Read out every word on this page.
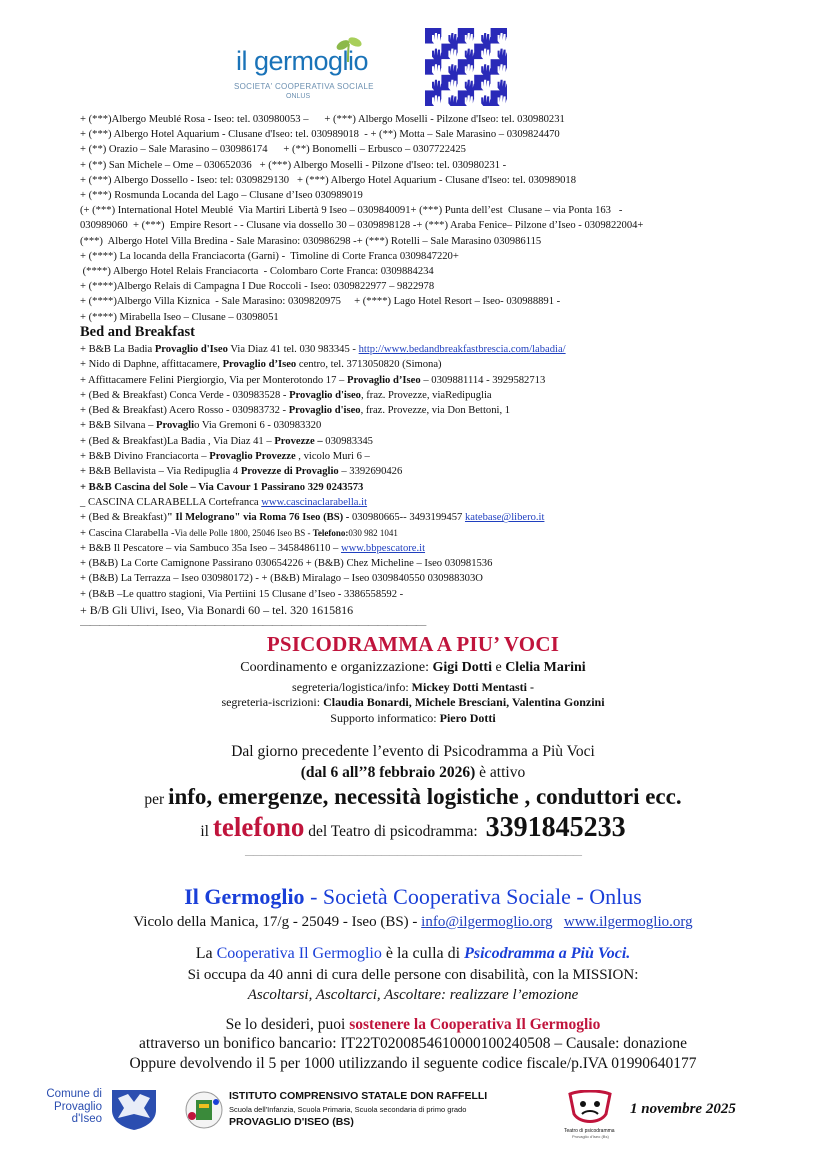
il germoglio
SOCIETA' COOPERATIVA SOCIALE
ONLUS
+ (***)Albergo Meublé Rosa - Iseo: tel. 030980053 –      + (***) Albergo Moselli - Pilzone d'Iseo: tel. 030980231
+ (***) Albergo Hotel Aquarium - Clusane d'Iseo: tel. 030989018  - + (**) Motta – Sale Marasino – 0309824470
+ (**) Orazio – Sale Marasino – 030986174      + (**) Bonomelli – Erbusco – 0307722425
+ (**) San Michele – Ome – 030652036   + (***) Albergo Moselli - Pilzone d'Iseo: tel. 030980231 -
+ (***) Albergo Dossello - Iseo: tel: 0309829130   + (***) Albergo Hotel Aquarium - Clusane d'Iseo: tel. 030989018
+ (***) Rosmunda Locanda del Lago – Clusane d’Iseo 030989019
(+ (***) International Hotel Meublé  Via Martiri Libertà 9 Iseo – 0309840091+ (***) Punta dell’est  Clusane – via Ponta 163   -
030989060  + (***)  Empire Resort - - Clusane via dossello 30 – 0309898128 -+ (***) Araba Fenice– Pilzone d’Iseo - 0309822004+
(***)  Albergo Hotel Villa Bredina - Sale Marasino: 030986298 -+ (***) Rotelli – Sale Marasino 030986115
+ (****) La locanda della Franciacorta (Garni) -  Timoline di Corte Franca 0309847220+
(****) Albergo Hotel Relais Franciacorta  - Colombaro Corte Franca: 0309884234
+ (****)Albergo Relais di Campagna I Due Roccoli - Iseo: 0309822977 – 9822978
+ (****)Albergo Villa Kiznica  - Sale Marasino: 0309820975     + (****) Lago Hotel Resort – Iseo- 030988891 -
+ (****) Mirabella Iseo – Clusane – 03098051
Bed and Breakfast
+ B&B La Badia Provaglio d'Iseo Via Diaz 41 tel. 030 983345 - http://www.bedandbreakfastbrescia.com/labadia/
+ Nido di Daphne, affittacamere, Provaglio d’Iseo centro, tel. 3713050820 (Simona)
+ Affittacamere Felini Piergiorgio, Via per Monterotondo 17 – Provaglio d’Iseo – 0309881114 - 3929582713
+ (Bed & Breakfast) Conca Verde - 030983528 - Provaglio d'iseo, fraz. Provezze, viaRedipuglia
+ (Bed & Breakfast) Acero Rosso - 030983732 - Provaglio d'iseo, fraz. Provezze, via Don Bettoni, 1
+ B&B Silvana – Provaglio Via Gremoni 6 - 030983320
+ (Bed & Breakfast)La Badia , Via Diaz 41 – Provezze – 030983345
+ B&B Divino Franciacorta – Provaglio Provezze , vicolo Muri 6 –
+ B&B Bellavista – Via Redipuglia 4 Provezze di Provaglio – 3392690426
+ B&B Cascina del Sole – Via Cavour 1 Passirano 329 0243573
_ CASCINA CLARABELLA Cortefranca www.cascinaclarabella.it
+ (Bed & Breakfast)" Il Melograno" via Roma 76 Iseo (BS) - 030980665-- 3493199457 katebase@libero.it
+ Cascina Clarabella -Via delle Polle 1800, 25046 Iseo BS - Telefono:030 982 1041
+ B&B Il Pescatore – via Sambuco 35a Iseo – 3458486110 – www.bbpescatore.it
+ (B&B) La Corte Camignone Passirano 030654226 + (B&B) Chez Micheline – Iseo 030981536
+ (B&B) La Terrazza – Iseo 030980172) - + (B&B) Miralago – Iseo 0309840550 030988303О
+ (B&B –Le quattro stagioni, Via Pertiini 15 Clusane d’Iseo - 3386558592 -
+ B/B Gli Ulivi, Iseo, Via Bonardi 60 – tel. 320 1615816
————————————————————————————————————
PSICODRAMMA A PIU’ VOCI
Coordinamento e organizzazione: Gigi Dotti e Clelia Marini
segreteria/logistica/info: Mickey Dotti Mentasti -
segreteria-iscrizioni: Claudia Bonardi, Michele Bresciani, Valentina Gonzini
Supporto informatico: Piero Dotti
Dal giorno precedente l’evento di Psicodramma a Più Voci
(dal 6 all’’8 febbraio 2026) è attivo
per info, emergenze, necessità logistiche , conduttori ecc.
il telefono del Teatro di psicodramma: 3391845233
——————————————————————————————————————————
Il Germoglio - Società Cooperativa Sociale - Onlus
Vicolo della Manica, 17/g - 25049 - Iseo (BS) - info@ilgermoglio.org www.ilgermoglio.org
La Cooperativa Il Germoglio è la culla di Psicodramma a Più Voci.
Si occupa da 40 anni di cura delle persone con disabilità, con la MISSION:
Ascoltarsi, Ascoltarci, Ascoltare: realizzare l’emozione
Se lo desideri, puoi sostenere la Cooperativa Il Germoglio
attraverso un bonifico bancario: IT22T0200854610000100240508 – Causale: donazione
Oppure devolvendo il 5 per 1000 utilizzando il seguente codice fiscale/p.IVA 01990640177
Comune di
Provaglio
d'Iseo
ISTITUTO COMPRENSIVO STATALE DON RAFFELLI
Scuola dell'Infanzia, Scuola Primaria, Scuola secondaria di primo grado
PROVAGLIO D'ISEO (BS)
Teatro di psicodramma
Provaglio d'Iseo (Bs)
1 novembre 2025
